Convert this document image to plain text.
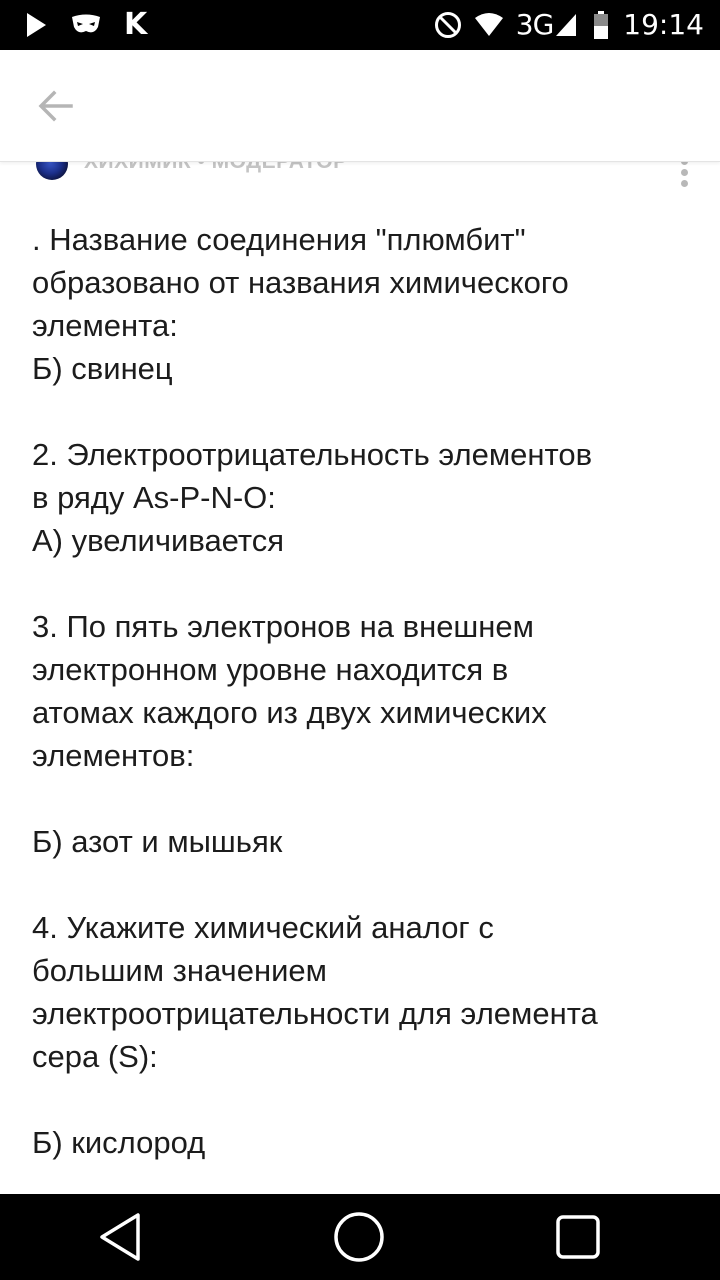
K	3G	19:14
. Название соединения "плюмбит"
образовано от названия химического
элемента:
Б) свинец

2. Электроотрицательность элементов
в ряду As-P-N-O:
А) увеличивается

3. По пять электронов на внешнем
электронном уровне находится в
атомах каждого из двух химических
элементов:

Б) азот и мышьяк

4. Укажите химический аналог с
большим значением
электроотрицательности для элемента
сера (S):

Б) кислород
